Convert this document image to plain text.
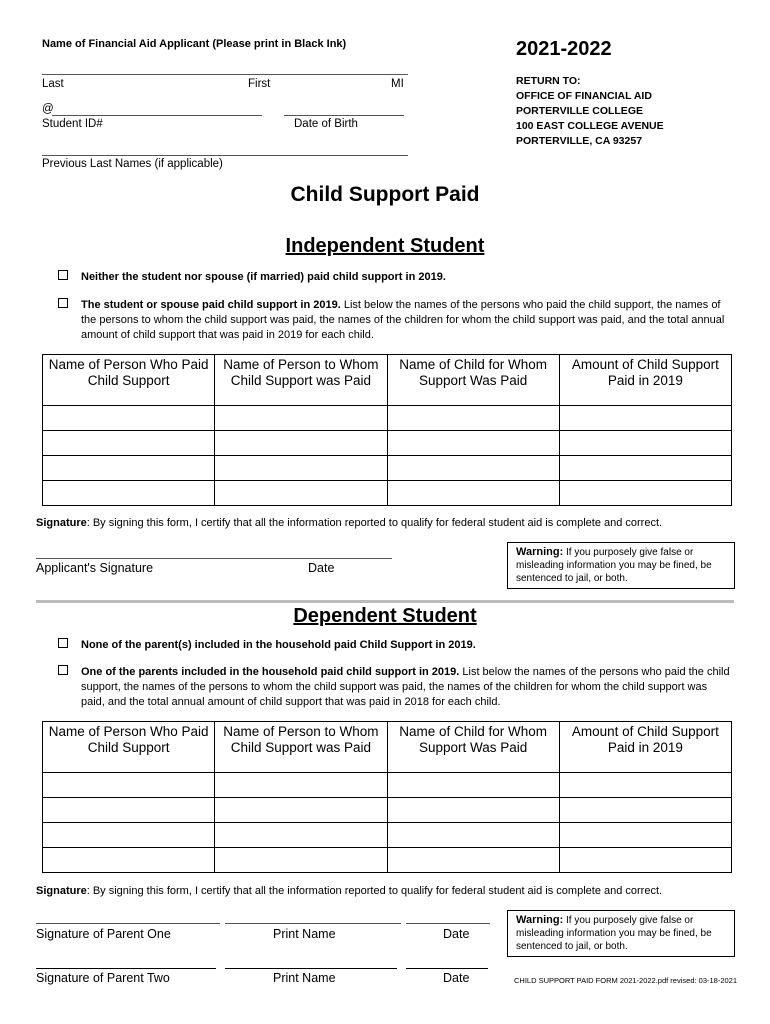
Name of Financial Aid Applicant (Please print in Black Ink)	2021-2022
Last	First	MI
@
Student ID#	Date of Birth
Previous Last Names (if applicable)
RETURN TO:
OFFICE OF FINANCIAL AID
PORTERVILLE COLLEGE
100 EAST COLLEGE AVENUE
PORTERVILLE, CA 93257
Child Support Paid
Independent Student
Neither the student nor spouse (if married) paid child support in 2019.
The student or spouse paid child support in 2019. List below the names of the persons who paid the child support, the names of the persons to whom the child support was paid, the names of the children for whom the child support was paid, and the total annual amount of child support that was paid in 2019 for each child.
Name of Person Who Paid Child Support	Name of Person to Whom Child Support was Paid	Name of Child for Whom Support Was Paid	Amount of Child Support Paid in 2019

Signature: By signing this form, I certify that all the information reported to qualify for federal student aid is complete and correct.
Applicant's Signature	Date
Warning: If you purposely give false or misleading information you may be fined, be sentenced to jail, or both.
Dependent Student
None of the parent(s) included in the household paid Child Support in 2019.
One of the parents included in the household paid child support in 2019. List below the names of the persons who paid the child support, the names of the persons to whom the child support was paid, the names of the children for whom the child support was paid, and the total annual amount of child support that was paid in 2018 for each child.
Name of Person Who Paid Child Support	Name of Person to Whom Child Support was Paid	Name of Child for Whom Support Was Paid	Amount of Child Support Paid in 2019

Signature: By signing this form, I certify that all the information reported to qualify for federal student aid is complete and correct.
Signature of Parent One	Print Name	Date
Warning: If you purposely give false or misleading information you may be fined, be sentenced to jail, or both.
Signature of Parent Two	Print Name	Date	CHILD SUPPORT PAID FORM 2021-2022.pdf revised: 03-18-2021
